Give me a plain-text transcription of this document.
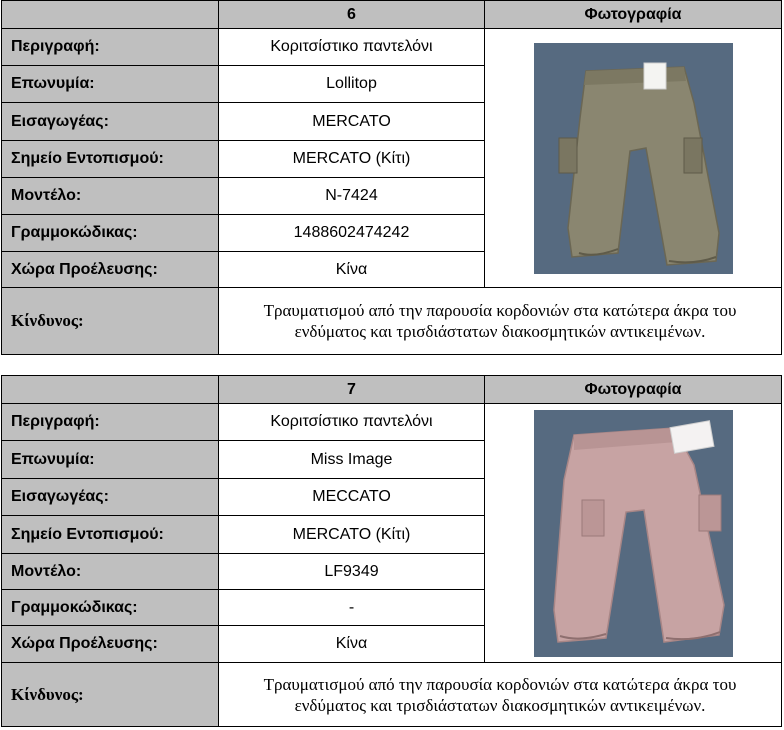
	6	Φωτογραφία
Περιγραφή:	Κοριτσίστικο παντελόνι	

Επωνυμία:	Lollitop	
Εισαγωγέας:	MERCATO	
Σημείο Εντοπισμού:	MERCATO (Κίτι)	
Μοντέλο:	N-7424	
Γραμμοκώδικας:	1488602474242	
Χώρα Προέλευσης:	Κίνα	
Κίνδυνος:	Τραυματισμού από την παρουσία κορδονιών στα κατώτερα άκρα του ενδύματος και τρισδιάστατων διακοσμητικών αντικειμένων.	
	7	Φωτογραφία
Περιγραφή:	Κοριτσίστικο παντελόνι	

Επωνυμία:	Miss Image	
Εισαγωγέας:	MECCATO	
Σημείο Εντοπισμού:	MERCATO (Κίτι)	
Μοντέλο:	LF9349	
Γραμμοκώδικας:	-	
Χώρα Προέλευσης:	Κίνα	
Κίνδυνος:	Τραυματισμού από την παρουσία κορδονιών στα κατώτερα άκρα του ενδύματος και τρισδιάστατων διακοσμητικών αντικειμένων.	
